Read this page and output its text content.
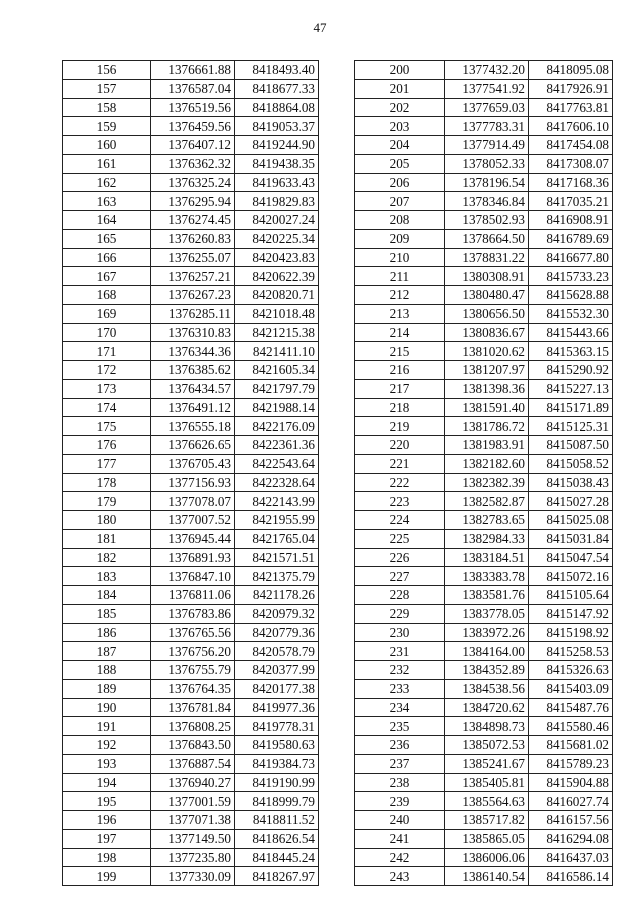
47
156	1376661.88	8418493.40
157	1376587.04	8418677.33
158	1376519.56	8418864.08
159	1376459.56	8419053.37
160	1376407.12	8419244.90
161	1376362.32	8419438.35
162	1376325.24	8419633.43
163	1376295.94	8419829.83
164	1376274.45	8420027.24
165	1376260.83	8420225.34
166	1376255.07	8420423.83
167	1376257.21	8420622.39
168	1376267.23	8420820.71
169	1376285.11	8421018.48
170	1376310.83	8421215.38
171	1376344.36	8421411.10
172	1376385.62	8421605.34
173	1376434.57	8421797.79
174	1376491.12	8421988.14
175	1376555.18	8422176.09
176	1376626.65	8422361.36
177	1376705.43	8422543.64
178	1377156.93	8422328.64
179	1377078.07	8422143.99
180	1377007.52	8421955.99
181	1376945.44	8421765.04
182	1376891.93	8421571.51
183	1376847.10	8421375.79
184	1376811.06	8421178.26
185	1376783.86	8420979.32
186	1376765.56	8420779.36
187	1376756.20	8420578.79
188	1376755.79	8420377.99
189	1376764.35	8420177.38
190	1376781.84	8419977.36
191	1376808.25	8419778.31
192	1376843.50	8419580.63
193	1376887.54	8419384.73
194	1376940.27	8419190.99
195	1377001.59	8418999.79
196	1377071.38	8418811.52
197	1377149.50	8418626.54
198	1377235.80	8418445.24
199	1377330.09	8418267.97
200	1377432.20	8418095.08
201	1377541.92	8417926.91
202	1377659.03	8417763.81
203	1377783.31	8417606.10
204	1377914.49	8417454.08
205	1378052.33	8417308.07
206	1378196.54	8417168.36
207	1378346.84	8417035.21
208	1378502.93	8416908.91
209	1378664.50	8416789.69
210	1378831.22	8416677.80
211	1380308.91	8415733.23
212	1380480.47	8415628.88
213	1380656.50	8415532.30
214	1380836.67	8415443.66
215	1381020.62	8415363.15
216	1381207.97	8415290.92
217	1381398.36	8415227.13
218	1381591.40	8415171.89
219	1381786.72	8415125.31
220	1381983.91	8415087.50
221	1382182.60	8415058.52
222	1382382.39	8415038.43
223	1382582.87	8415027.28
224	1382783.65	8415025.08
225	1382984.33	8415031.84
226	1383184.51	8415047.54
227	1383383.78	8415072.16
228	1383581.76	8415105.64
229	1383778.05	8415147.92
230	1383972.26	8415198.92
231	1384164.00	8415258.53
232	1384352.89	8415326.63
233	1384538.56	8415403.09
234	1384720.62	8415487.76
235	1384898.73	8415580.46
236	1385072.53	8415681.02
237	1385241.67	8415789.23
238	1385405.81	8415904.88
239	1385564.63	8416027.74
240	1385717.82	8416157.56
241	1385865.05	8416294.08
242	1386006.06	8416437.03
243	1386140.54	8416586.14
